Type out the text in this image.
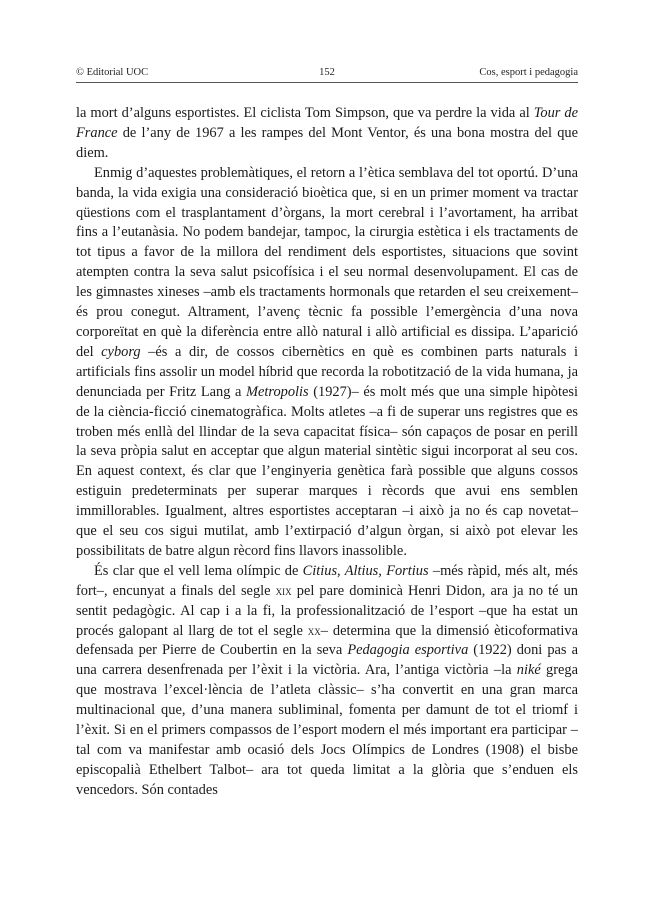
© Editorial UOC	152	Cos, esport i pedagogia

la mort d’alguns esportistes. El ciclista Tom Simpson, que va perdre la vida al Tour de France de l’any de 1967 a les rampes del Mont Ventor, és una bona mostra del que diem.

Enmig d’aquestes problemàtiques, el retorn a l’ètica semblava del tot oportú. D’una banda, la vida exigia una consideració bioètica que, si en un primer moment va tractar qüestions com el trasplantament d’òrgans, la mort cerebral i l’avortament, ha arribat fins a l’eutanàsia. No podem bandejar, tampoc, la cirurgia estètica i els tractaments de tot tipus a favor de la millora del rendiment dels esportistes, situacions que sovint atempten contra la seva salut psicofísica i el seu normal desenvolupament. El cas de les gimnastes xineses –amb els tractaments hormonals que retarden el seu creixement– és prou conegut. Altrament, l’avenç tècnic fa possible l’emergència d’una nova corporeïtat en què la diferència entre allò natural i allò artificial es dissipa. L’aparició del cyborg –és a dir, de cossos cibernètics en què es combinen parts naturals i artificials fins assolir un model híbrid que recorda la robotització de la vida humana, ja denunciada per Fritz Lang a Metropolis (1927)– és molt més que una simple hipòtesi de la ciència-ficció cinematogràfica. Molts atletes –a fi de superar uns registres que es troben més enllà del llindar de la seva capacitat física– són capaços de posar en perill la seva pròpia salut en acceptar que algun material sintètic sigui incorporat al seu cos. En aquest context, és clar que l’enginyeria genètica farà possible que alguns cossos estiguin predeterminats per superar marques i rècords que avui ens semblen immillorables. Igualment, altres esportistes acceptaran –i això ja no és cap novetat– que el seu cos sigui mutilat, amb l’extirpació d’algun òrgan, si això pot elevar les possibilitats de batre algun rècord fins llavors inassolible.

És clar que el vell lema olímpic de Citius, Altius, Fortius –més ràpid, més alt, més fort–, encunyat a finals del segle xix pel pare dominicà Henri Didon, ara ja no té un sentit pedagògic. Al cap i a la fi, la professionalització de l’esport –que ha estat un procés galopant al llarg de tot el segle xx– determina que la dimensió èticoformativa defensada per Pierre de Coubertin en la seva Pedagogia esportiva (1922) doni pas a una carrera desenfrenada per l’èxit i la victòria. Ara, l’antiga victòria –la niké grega que mostrava l’excel·lència de l’atleta clàssic– s’ha convertit en una gran marca multinacional que, d’una manera subliminal, fomenta per damunt de tot el triomf i l’èxit. Si en el primers compassos de l’esport modern el més important era participar –tal com va manifestar amb ocasió dels Jocs Olímpics de Londres (1908) el bisbe episcopalià Ethelbert Talbot– ara tot queda limitat a la glòria que s’enduen els vencedors. Són contades
